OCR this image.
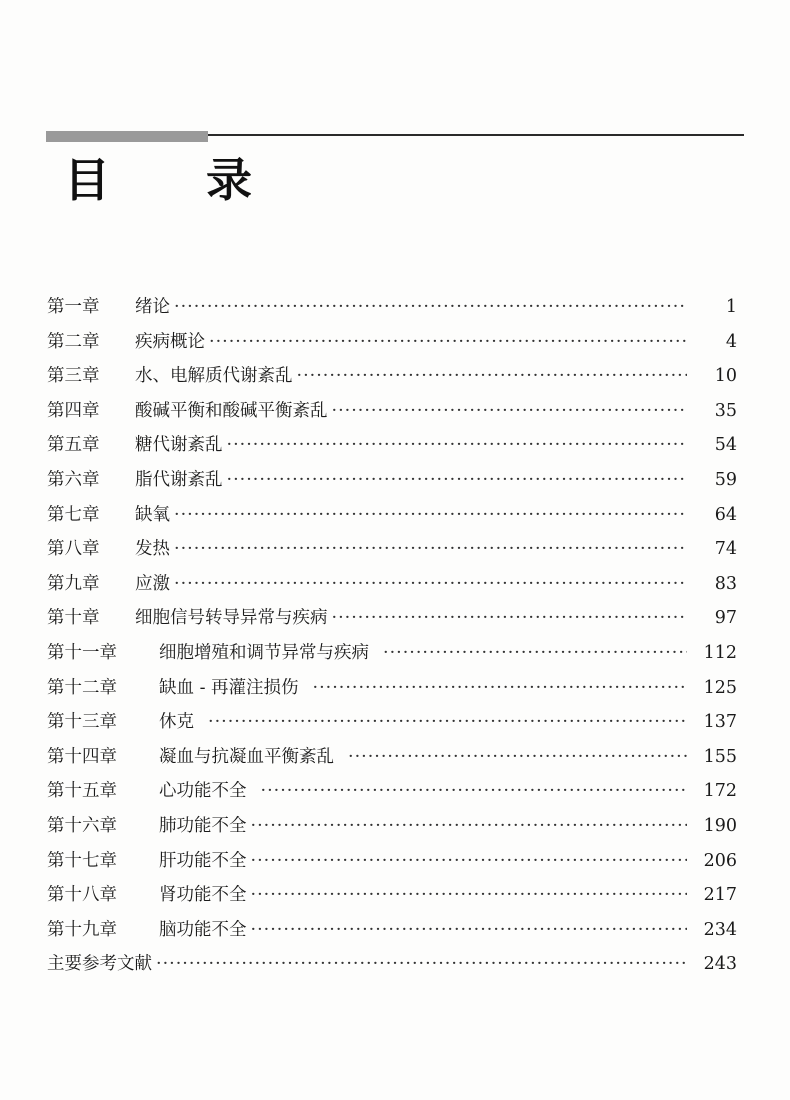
目 录
第一章	绪论 ·····	1
第二章	疾病概论 ·····	4
第三章	水、电解质代谢紊乱 ·····	10
第四章	酸碱平衡和酸碱平衡紊乱 ·····	35
第五章	糖代谢紊乱 ·····	54
第六章	脂代谢紊乱 ·····	59
第七章	缺氧 ·····	64
第八章	发热 ·····	74
第九章	应激 ·····	83
第十章	细胞信号转导异常与疾病 ·····	97
第十一章	细胞增殖和调节异常与疾病 ·····	112
第十二章	缺血 - 再灌注损伤 ·····	125
第十三章	休克 ·····	137
第十四章	凝血与抗凝血平衡紊乱 ·····	155
第十五章	心功能不全 ·····	172
第十六章	肺功能不全 ·····	190
第十七章	肝功能不全 ·····	206
第十八章	肾功能不全 ·····	217
第十九章	脑功能不全 ·····	234
主要参考文献 ·····	243
